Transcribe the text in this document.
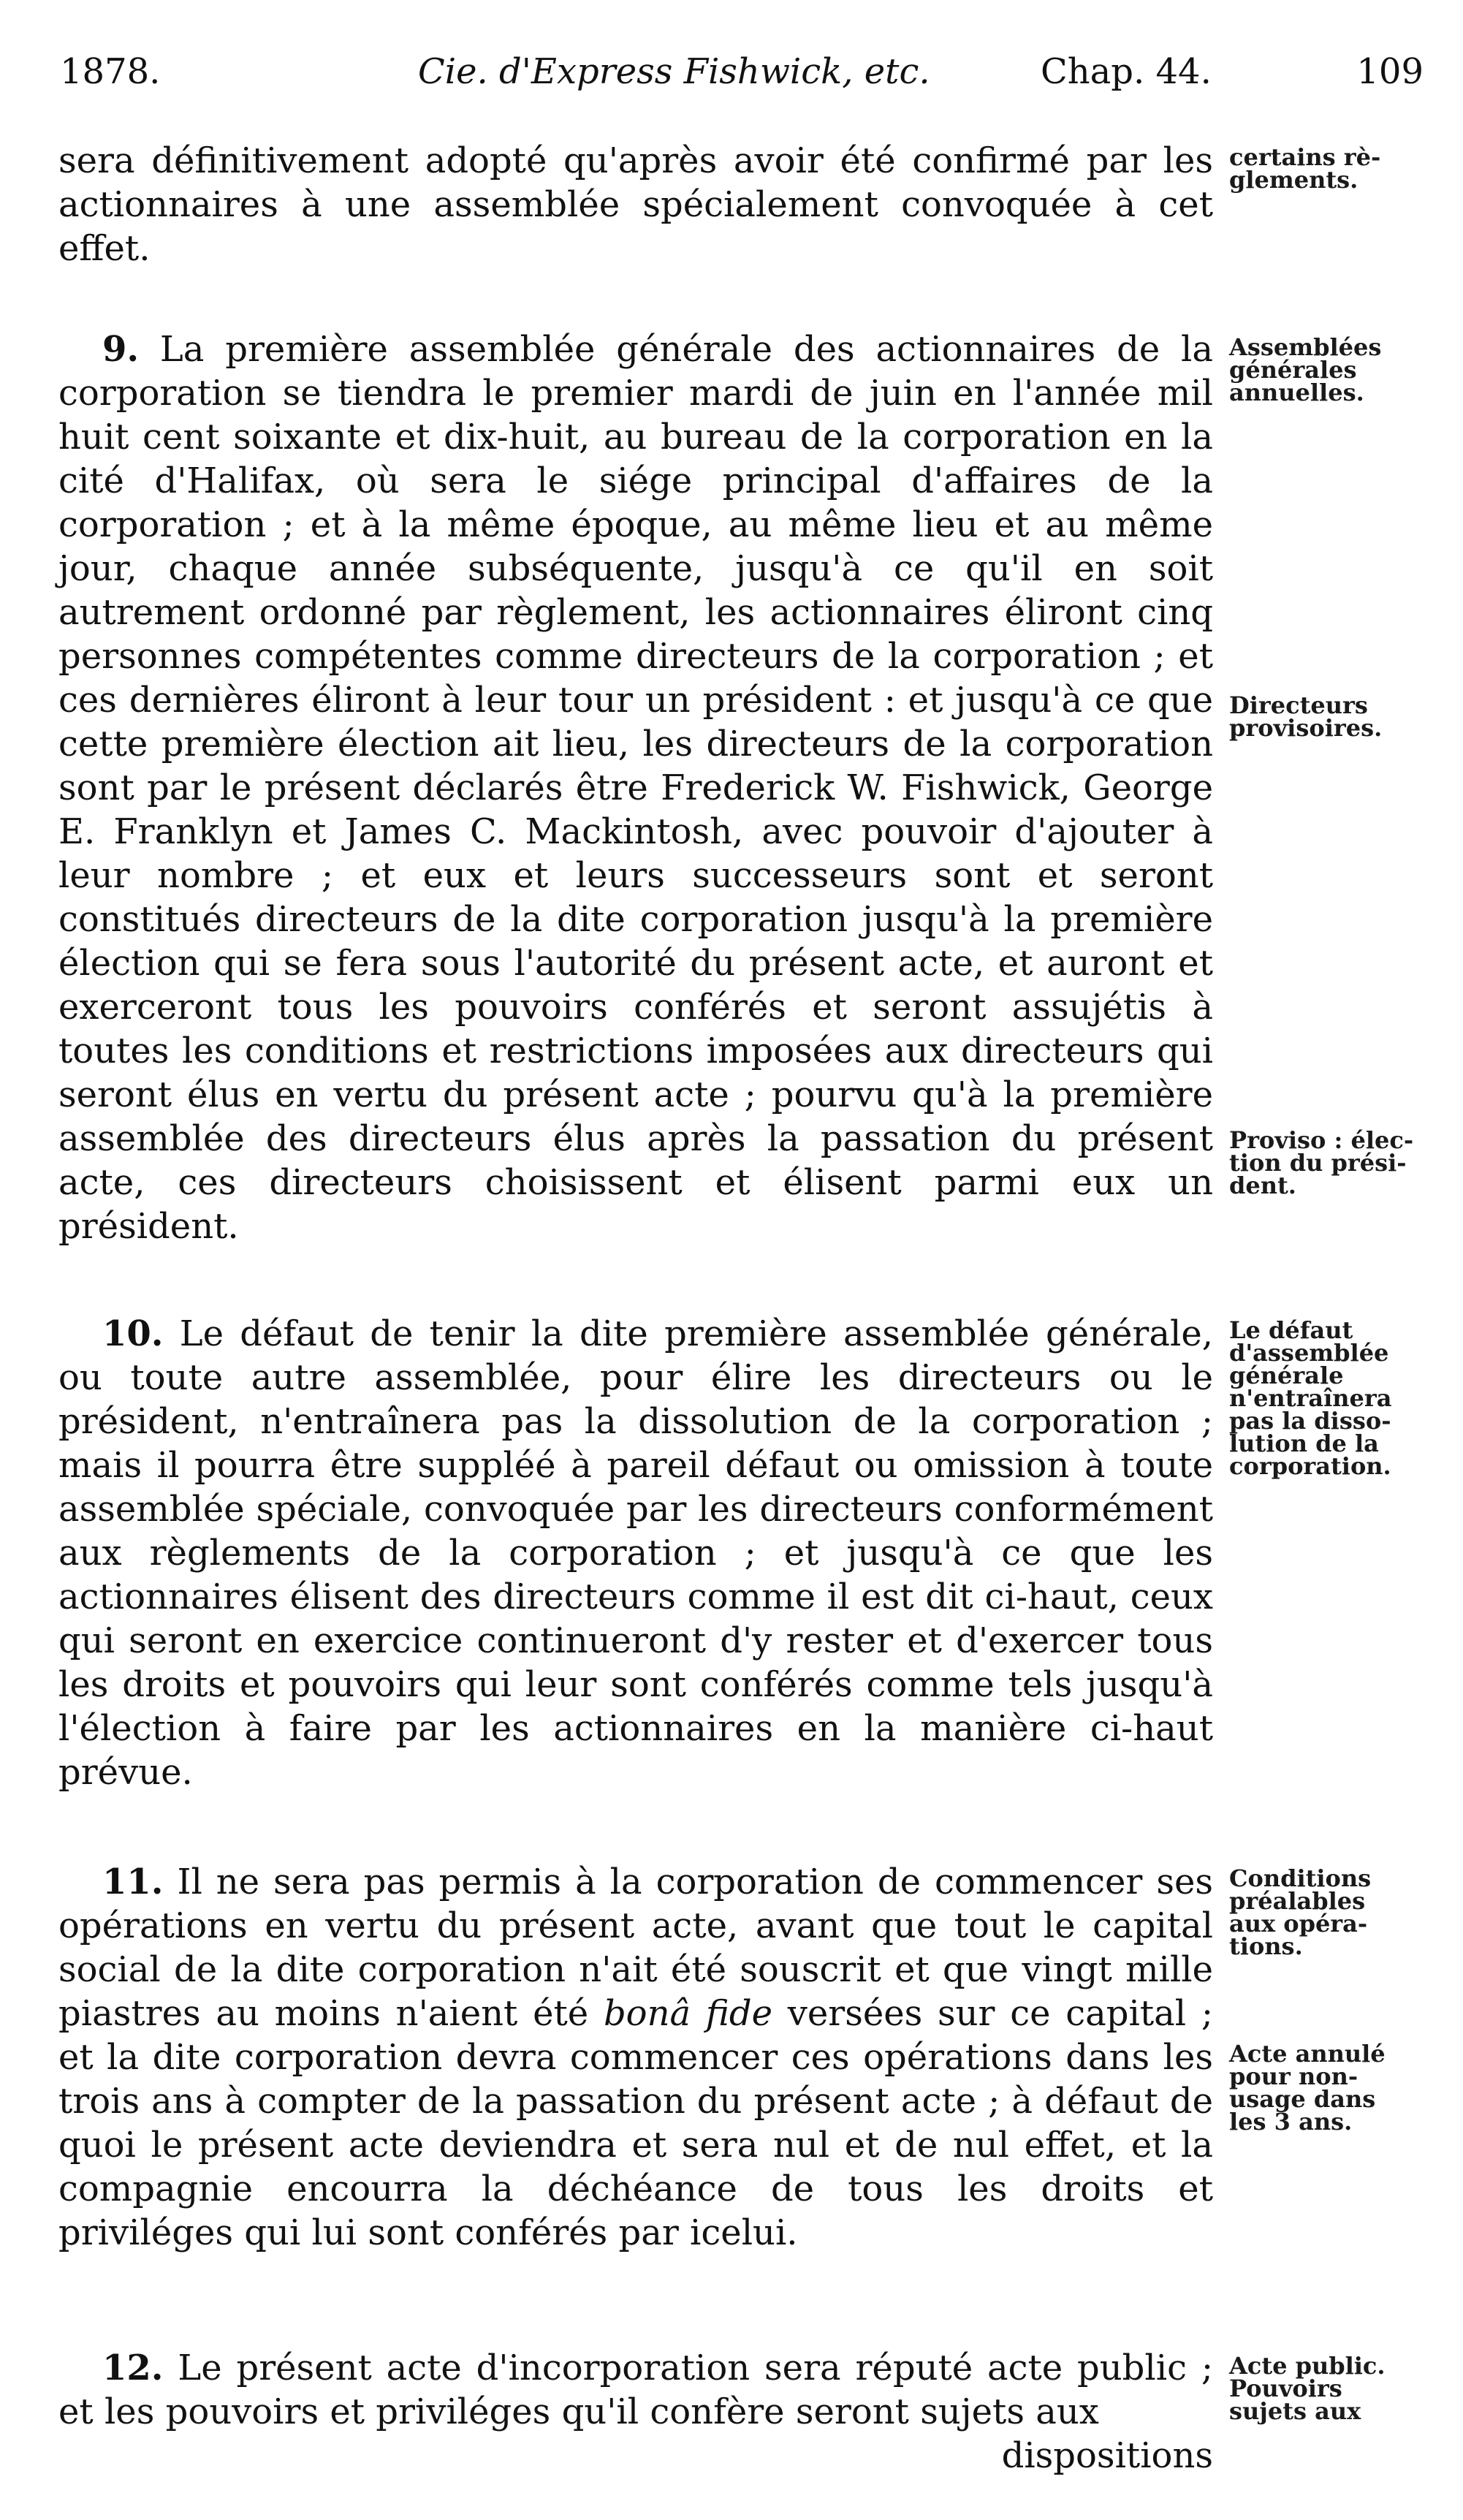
1878.	Cie. d'Express Fishwick, etc.	Chap. 44.	109
sera définitivement adopté qu'après avoir été confirmé par les actionnaires à une assemblée spécialement convoquée à cet effet.
certains rè-
glements.
9. La première assemblée générale des actionnaires de la corporation se tiendra le premier mardi de juin en l'année mil huit cent soixante et dix-huit, au bureau de la corporation en la cité d'Halifax, où sera le siége principal d'affaires de la corporation ; et à la même époque, au même lieu et au même jour, chaque année subséquente, jusqu'à ce qu'il en soit autrement ordonné par règlement, les actionnaires éliront cinq personnes compétentes comme directeurs de la corporation ; et ces dernières éliront à leur tour un président : et jusqu'à ce que cette première élection ait lieu, les directeurs de la corporation sont par le présent déclarés être Frederick W. Fishwick, George E. Franklyn et James C. Mackintosh, avec pouvoir d'ajouter à leur nombre ; et eux et leurs successeurs sont et seront constitués directeurs de la dite corporation jusqu'à la première élection qui se fera sous l'autorité du présent acte, et auront et exerceront tous les pouvoirs conférés et seront assujétis à toutes les conditions et restrictions imposées aux directeurs qui seront élus en vertu du présent acte ; pourvu qu'à la première assemblée des directeurs élus après la passation du présent acte, ces directeurs choisissent et élisent parmi eux un président.
Assemblées
générales
annuelles.
Directeurs
provisoires.
Proviso : élec-
tion du prési-
dent.
10. Le défaut de tenir la dite première assemblée générale, ou toute autre assemblée, pour élire les directeurs ou le président, n'entraînera pas la dissolution de la corporation ; mais il pourra être suppléé à pareil défaut ou omission à toute assemblée spéciale, convoquée par les directeurs conformément aux règlements de la corporation ; et jusqu'à ce que les actionnaires élisent des directeurs comme il est dit ci-haut, ceux qui seront en exercice continueront d'y rester et d'exercer tous les droits et pouvoirs qui leur sont conférés comme tels jusqu'à l'élection à faire par les actionnaires en la manière ci-haut prévue.
Le défaut
d'assemblée
générale
n'entraînera
pas la disso-
lution de la
corporation.
11. Il ne sera pas permis à la corporation de commencer ses opérations en vertu du présent acte, avant que tout le capital social de la dite corporation n'ait été souscrit et que vingt mille piastres au moins n'aient été bonâ fide versées sur ce capital ; et la dite corporation devra commencer ces opérations dans les trois ans à compter de la passation du présent acte ; à défaut de quoi le présent acte deviendra et sera nul et de nul effet, et la compagnie encourra la déchéance de tous les droits et priviléges qui lui sont conférés par icelui.
Conditions
préalables
aux opéra-
tions.
Acte annulé
pour non-
usage dans
les 3 ans.
12. Le présent acte d'incorporation sera réputé acte public ; et les pouvoirs et priviléges qu'il confère seront sujets aux
dispositions
Acte public.
Pouvoirs
sujets aux
